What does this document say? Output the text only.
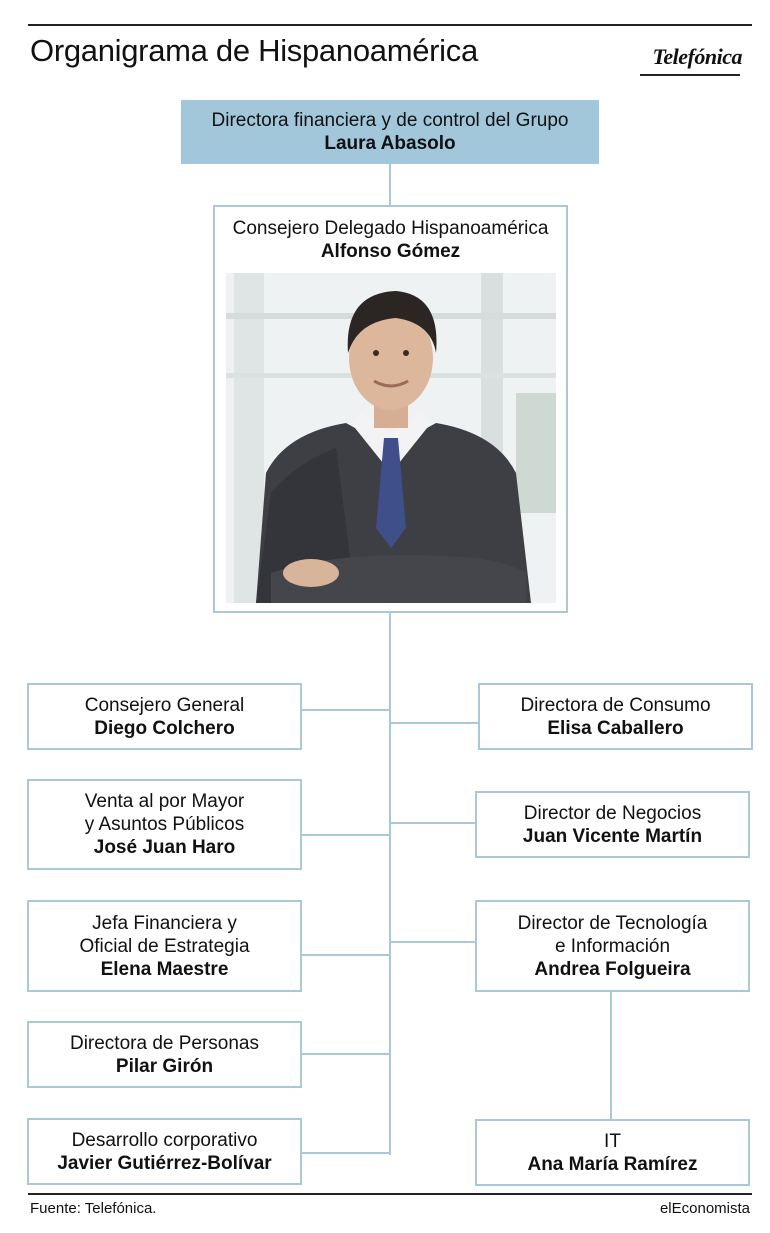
Organigrama de Hispanoamérica	Telefónica
Directora financiera y de control del Grupo
Laura Abasolo
Consejero Delegado Hispanoamérica
Alfonso Gómez
Consejero General
Diego Colchero
Venta al por Mayor
y Asuntos Públicos
José Juan Haro
Jefa Financiera y
Oficial de Estrategia
Elena Maestre
Directora de Personas
Pilar Girón
Desarrollo corporativo
Javier Gutiérrez-Bolívar
Directora de Consumo
Elisa Caballero
Director de Negocios
Juan Vicente Martín
Director de Tecnología
e Información
Andrea Folgueira
IT
Ana María Ramírez
Fuente: Telefónica.	elEconomista
